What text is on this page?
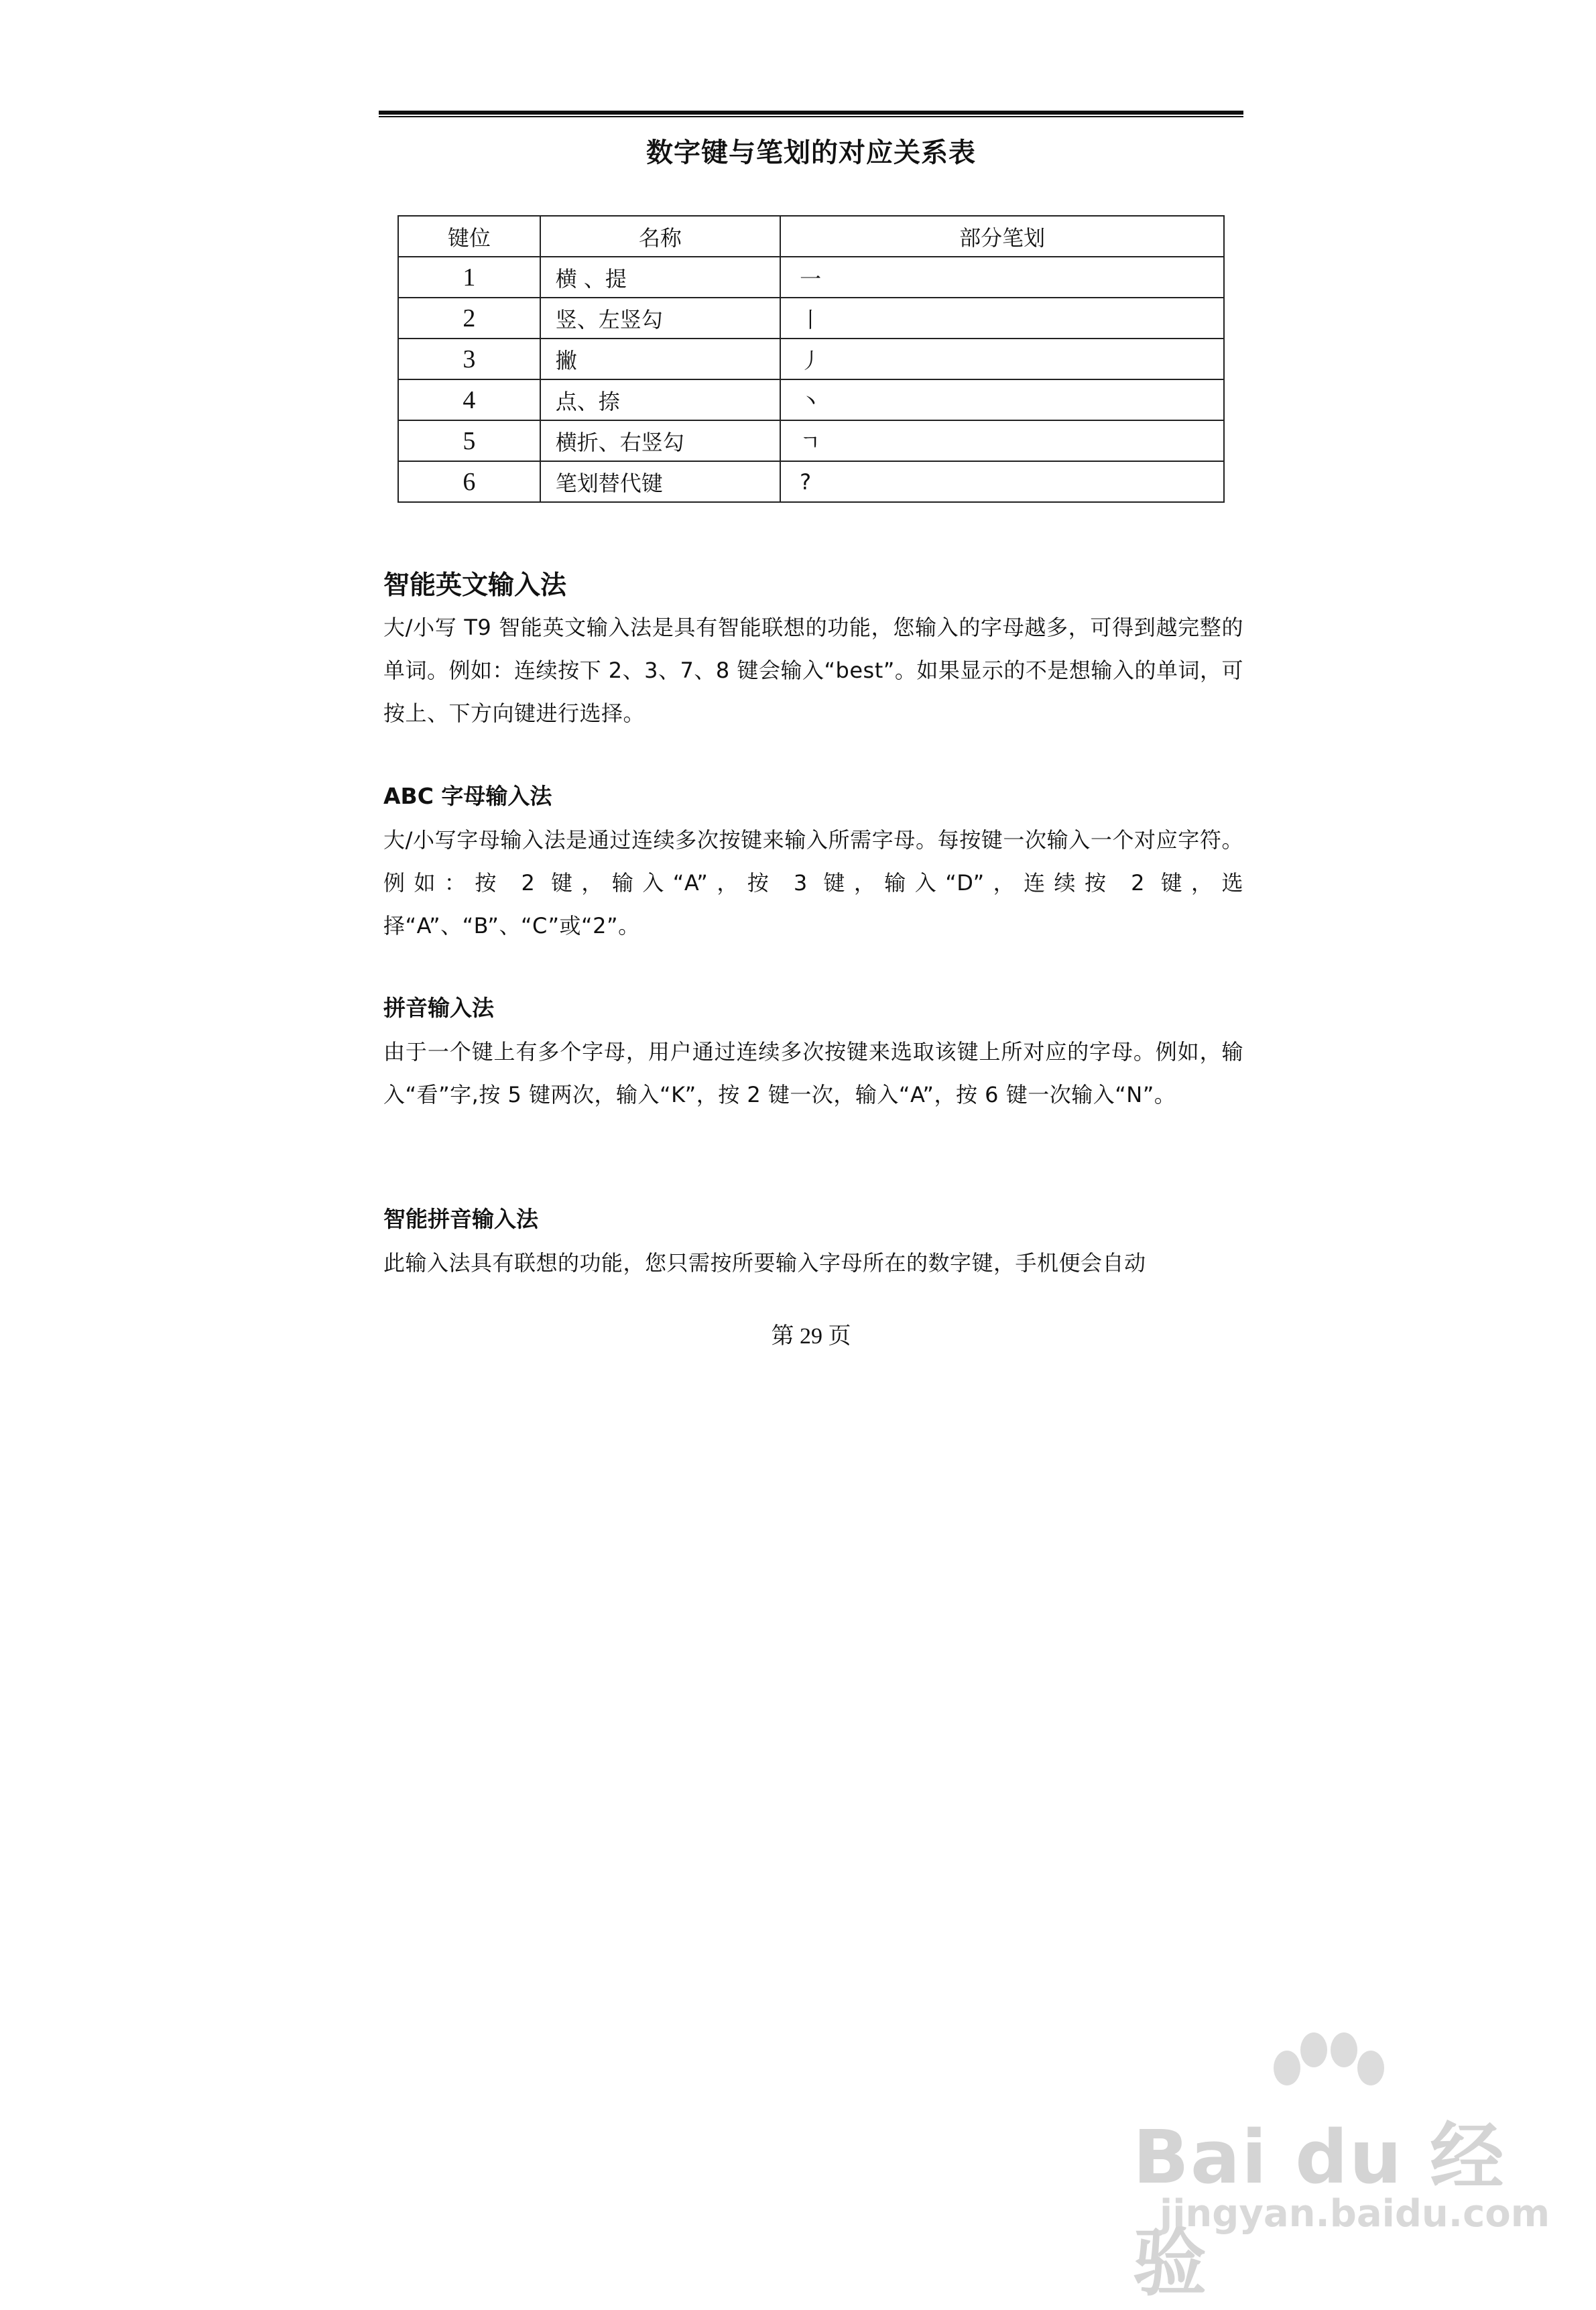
数字键与笔划的对应关系表
键位	名称	部分笔划
1	横 、提	一
2	竖、左竖勾	丨
3	撇	丿
4	点、捺	丶
5	横折、右竖勾	ㄱ
6	笔划替代键	?
智能英文输入法

大/小写 T9 智能英文输入法是具有智能联想的功能，您输入的字母越多，可得到越完整的单词。例如：连续按下 2、3、7、8 键会输入“best”。如果显示的不是想输入的单词，可按上、下方向键进行选择。

ABC 字母输入法

大/小写字母输入法是通过连续多次按键来输入所需字母。每按键一次输入一个对应字符。例如：按 2 键，输入“A”，按 3 键，输入“D”，连续按 2 键，选择“A”、“B”、“C”或“2”。

拼音输入法

由于一个键上有多个字母，用户通过连续多次按键来选取该键上所对应的字母。例如，输入“看”字,按 5 键两次，输入“K”，按 2 键一次，输入“A”，按 6 键一次输入“N”。

智能拼音输入法

此输入法具有联想的功能，您只需按所要输入字母所在的数字键，手机便会自动

第 29 页
Bai du 经验
jingyan.baidu.com
